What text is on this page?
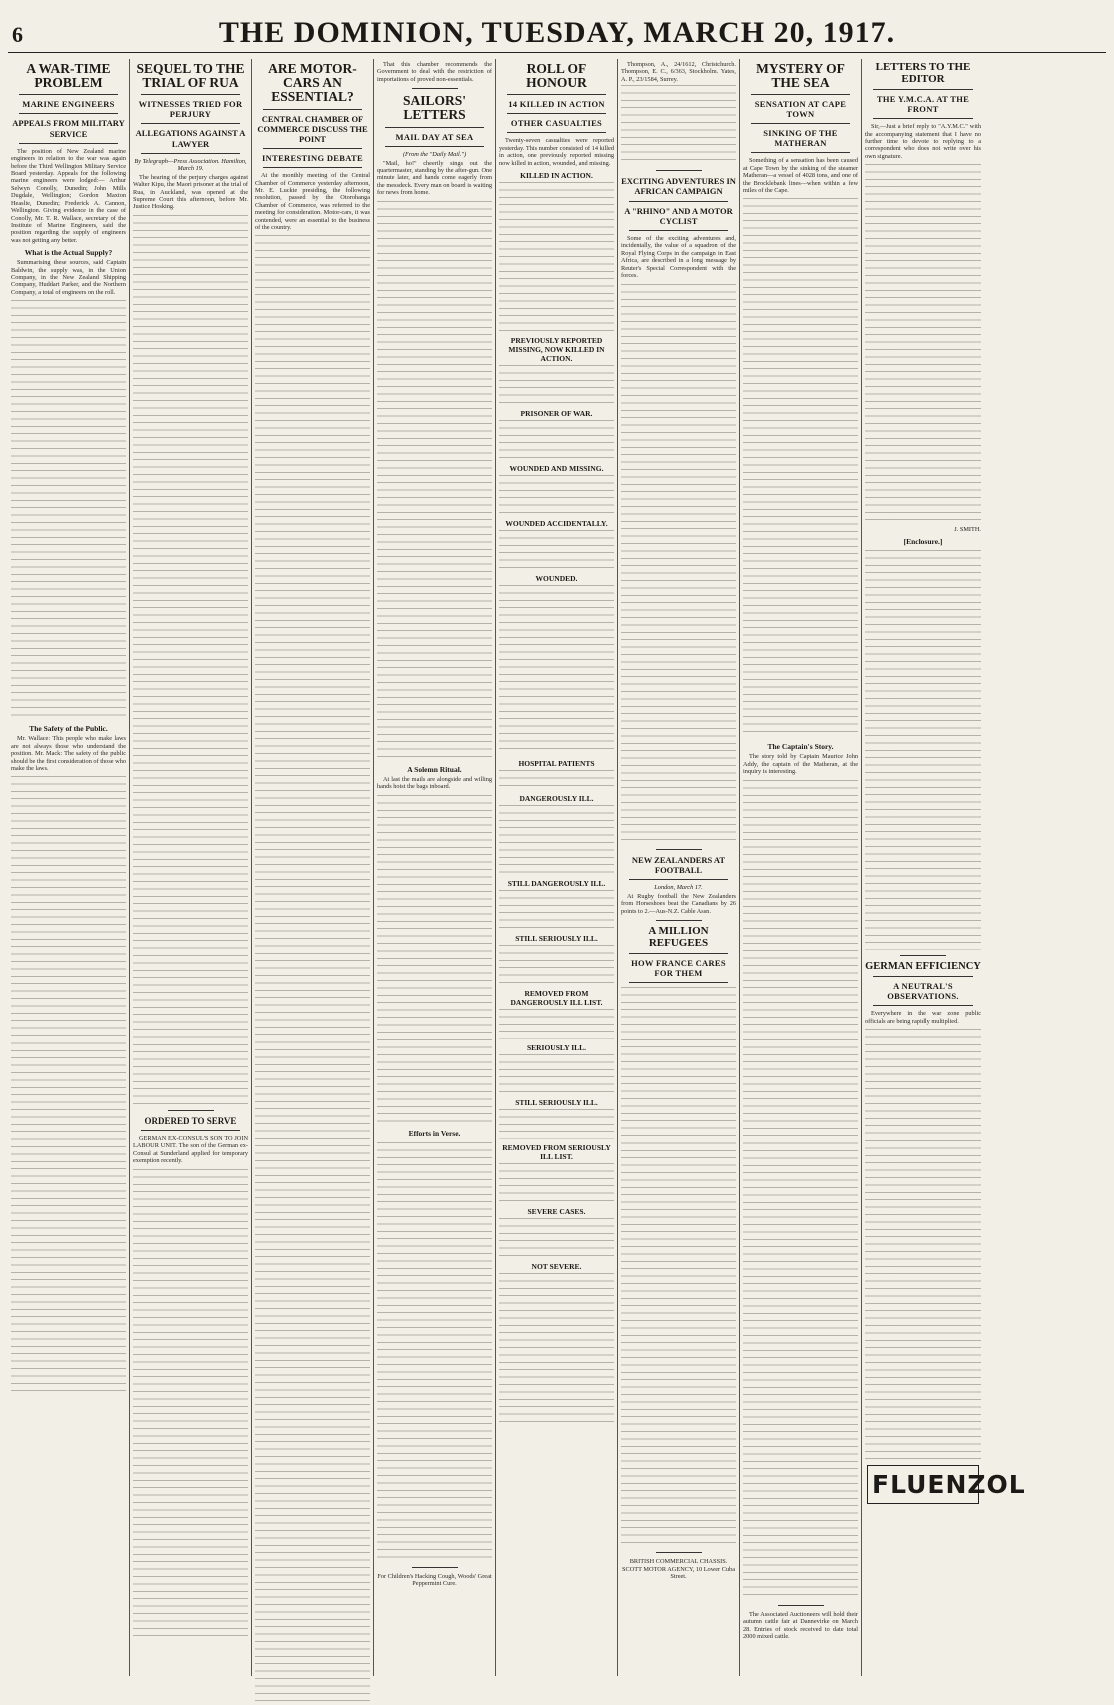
6	THE DOMINION, TUESDAY, MARCH 20, 1917.
A WAR-TIME PROBLEM
MARINE ENGINEERS
APPEALS FROM MILITARY SERVICE

The position of New Zealand marine engineers in relation to the war was again before the Third Wellington Military Service Board yesterday. Appeals for the following marine engineers were lodged:— Arthur Selwyn Conolly, Dunedin; John Mills Dugdale, Wellington; Gordon Maxton Heaslie, Dunedin; Frederick A. Cannon, Wellington. Giving evidence in the case of Conolly, Mr. T. R. Wallace, secretary of the Institute of Marine Engineers, said the position regarding the supply of engineers was not getting any better.

What is the Actual Supply?

Summarising these sources, said Captain Baldwin, the supply was, in the Union Company, in the New Zealand Shipping Company, Huddart Parker, and the Northern Company, a total of engineers on the roll.

The Safety of the Public.

Mr. Wallace: This people who make laws are not always those who understand the position. Mr. Mack: The safety of the public should be the first consideration of those who make the laws.

SEQUEL TO THE TRIAL OF RUA
WITNESSES TRIED FOR PERJURY
ALLEGATIONS AGAINST A LAWYER
By Telegraph—Press Association. Hamilton, March 19.

The hearing of the perjury charges against Walter Kipu, the Maori prisoner at the trial of Rua, in Auckland, was opened at the Supreme Court this afternoon, before Mr. Justice Hosking.

ORDERED TO SERVE

GERMAN EX-CONSUL'S SON TO JOIN LABOUR UNIT. The son of the German ex-Consul at Sunderland applied for temporary exemption recently.

ARE MOTOR-CARS AN ESSENTIAL?
CENTRAL CHAMBER OF COMMERCE DISCUSS THE POINT
INTERESTING DEBATE

At the monthly meeting of the Central Chamber of Commerce yesterday afternoon, Mr. E. Luckie presiding, the following resolution, passed by the Otorohanga Chamber of Commerce, was referred to the meeting for consideration. Motor-cars, it was contended, were an essential to the business of the country.

That this chamber recommends the Government to deal with the restriction of importations of proved non-essentials.

SAILORS' LETTERS
MAIL DAY AT SEA
(From the "Daily Mail.")

"Mail, ho!" cheerily sings out the quartermaster, standing by the after-gun. One minute later, and hands come eagerly from the messdeck. Every man on board is waiting for news from home.

A Solemn Ritual.

At last the mails are alongside and willing hands hoist the bags inboard.

Efforts in Verse.

For Children's Hacking Cough, Woods' Great Peppermint Cure.

ROLL OF HONOUR
14 KILLED IN ACTION
OTHER CASUALTIES

Twenty-seven casualties were reported yesterday. This number consisted of 14 killed in action, one previously reported missing now killed in action, wounded, and missing.

KILLED IN ACTION.
PREVIOUSLY REPORTED MISSING, NOW KILLED IN ACTION.
PRISONER OF WAR.
WOUNDED AND MISSING.
WOUNDED ACCIDENTALLY.
WOUNDED.
HOSPITAL PATIENTS
DANGEROUSLY ILL.
STILL DANGEROUSLY ILL.
STILL SERIOUSLY ILL.
REMOVED FROM DANGEROUSLY ILL LIST.
SERIOUSLY ILL.
STILL SERIOUSLY ILL.
REMOVED FROM SERIOUSLY ILL LIST.
SEVERE CASES.
NOT SEVERE.

Thompson, A., 24/1612, Christchurch. Thompson, E. C., 6/363, Stockholm. Yates, A. P., 23/1584, Surrey.

EXCITING ADVENTURES IN AFRICAN CAMPAIGN
A "RHINO" AND A MOTOR CYCLIST

Some of the exciting adventures and, incidentally, the value of a squadron of the Royal Flying Corps in the campaign in East Africa, are described in a long message by Reuter's Special Correspondent with the forces.

NEW ZEALANDERS AT FOOTBALL
London, March 17.

At Rugby football the New Zealanders from Horseshoes beat the Canadians by 26 points to 2.—Aus-N.Z. Cable Assn.

A MILLION REFUGEES
HOW FRANCE CARES FOR THEM

BRITISH COMMERCIAL CHASSIS. SCOTT MOTOR AGENCY, 10 Lower Cuba Street.

MYSTERY OF THE SEA
SENSATION AT CAPE TOWN
SINKING OF THE MATHERAN

Something of a sensation has been caused at Cape Town by the sinking of the steamer Matheran—a vessel of 4028 tons, and one of the Brocklebank lines—when within a few miles of the Cape.

The Captain's Story.

The story told by Captain Maurice John Addy, the captain of the Matheran, at the inquiry is interesting.

The Associated Auctioneers will hold their autumn cattle fair at Dannevirke on March 28. Entries of stock received to date total 2000 mixed cattle.

LETTERS TO THE EDITOR
THE Y.M.C.A. AT THE FRONT

Sir,—Just a brief reply to "A.Y.M.C." with the accompanying statement that I have no further time to devote to replying to a correspondent who does not write over his own signature.

J. SMITH.
[Enclosure.]
GERMAN EFFICIENCY
A NEUTRAL'S OBSERVATIONS.

Everywhere in the war zone public officials are being rapidly multiplied.

FLUENZOL
